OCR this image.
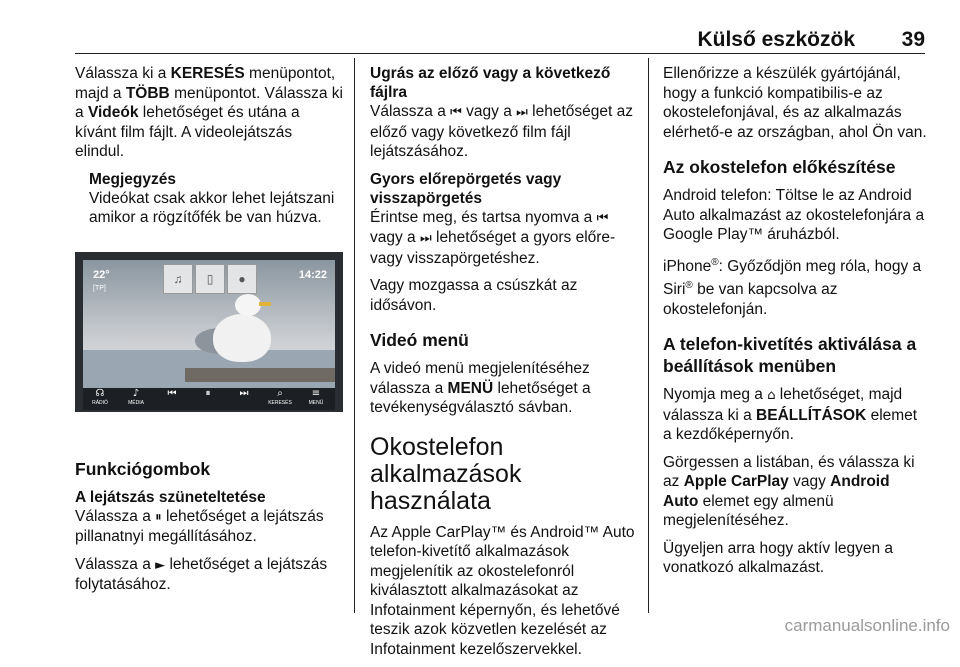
Külső eszközök 39

Válassza ki a KERESÉS menüpontot, majd a TÖBB menüpontot. Válassza ki a Videók lehetőséget és utána a kívánt film fájlt. A videolejátszás elindul.

Megjegyzés
Videókat csak akkor lehet lejátszani amikor a rögzítőfék be van húzva.
22°
[TP]
14:22
♫	▯	●
☊
RÁDIÓ
♪
MÉDIA
⏮	⏸	⏭	⌕
KERESÉS
≡
MENÜ
Funkciógombok
A lejátszás szüneteltetése

Válassza a ⏸ lehetőséget a lejátszás pillanatnyi megállításához.

Válassza a ► lehetőséget a lejátszás folytatásához.

Ugrás az előző vagy a következő fájlra

Válassza a ⏮ vagy a ⏭ lehetőséget az előző vagy következő film fájl lejátszásához.

Gyors előrepörgetés vagy visszapörgetés

Érintse meg, és tartsa nyomva a ⏮ vagy a ⏭ lehetőséget a gyors előre- vagy visszapörgetéshez.

Vagy mozgassa a csúszkát az idősávon.

Videó menü

A videó menü megjelenítéséhez válassza a MENÜ lehetőséget a tevékenységválasztó sávban.

Okostelefon alkalmazások használata

Az Apple CarPlay™ és Android™ Auto telefon-kivetítő alkalmazások megjelenítik az okostelefonról kiválasztott alkalmazásokat az Infotainment képernyőn, és lehetővé teszik azok közvetlen kezelését az Infotainment kezelőszervekkel.

Ellenőrizze a készülék gyártójánál, hogy a funkció kompatibilis-e az okostelefonjával, és az alkalmazás elérhető-e az országban, ahol Ön van.

Az okostelefon előkészítése

Android telefon: Töltse le az Android Auto alkalmazást az okostelefonjára a Google Play™ áruházból.

iPhone®: Győződjön meg róla, hogy a Siri® be van kapcsolva az okostelefonján.

A telefon-kivetítés aktiválása a beállítások menüben

Nyomja meg a ⌂ lehetőséget, majd válassza ki a BEÁLLÍTÁSOK elemet a kezdőképernyőn.

Görgessen a listában, és válassza ki az Apple CarPlay vagy Android Auto elemet egy almenü megjelenítéséhez.

Ügyeljen arra hogy aktív legyen a vonatkozó alkalmazást.

carmanualsonline.info
